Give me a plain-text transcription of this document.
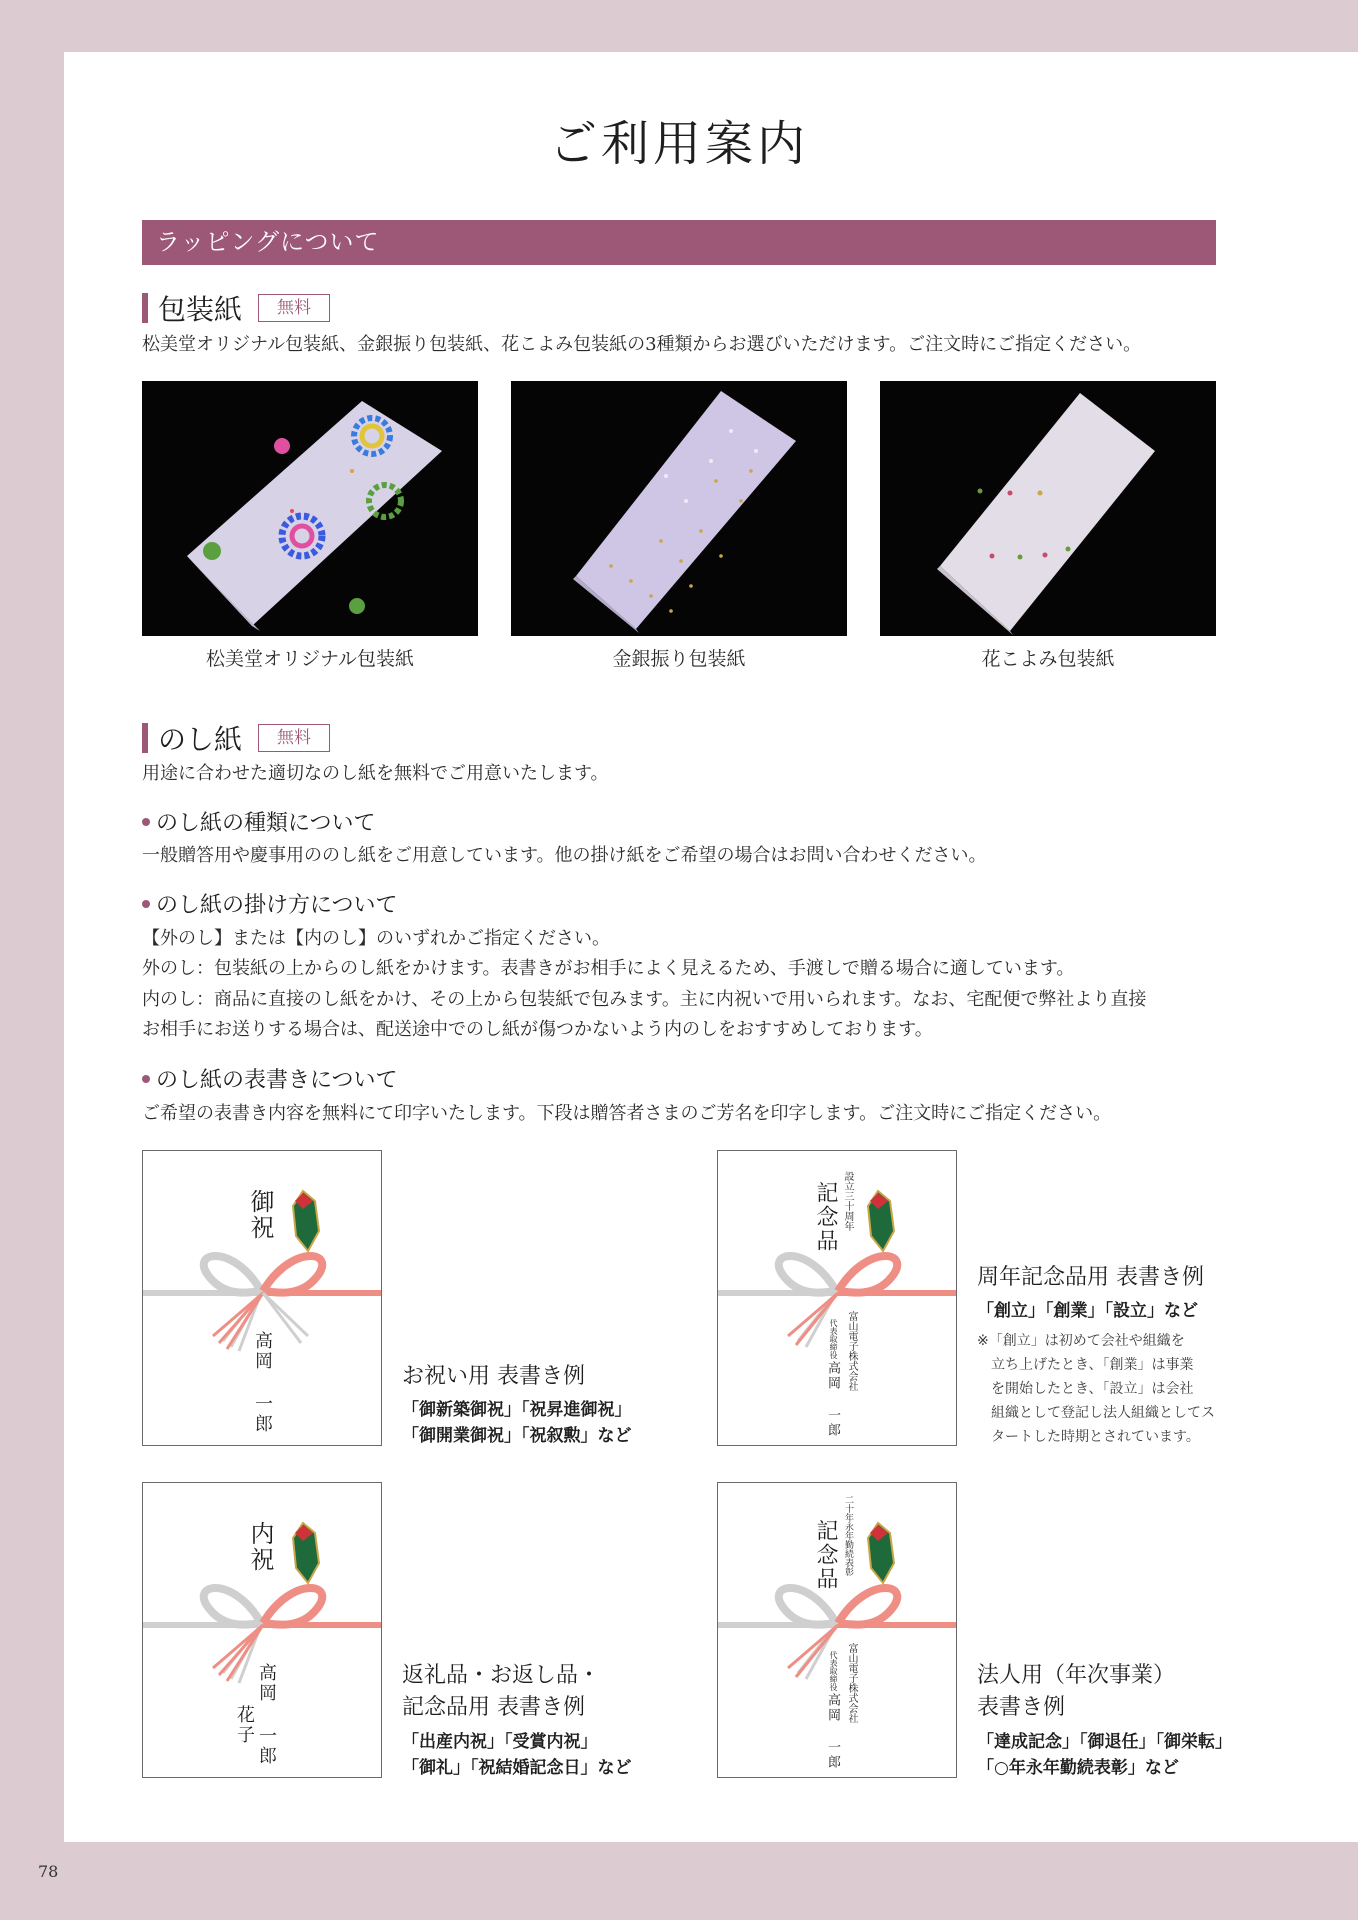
ご利用案内
ラッピングについて
包装紙	無料
松美堂オリジナル包装紙、金銀振り包装紙、花こよみ包装紙の3種類からお選びいただけます。ご注文時にご指定ください。
松美堂オリジナル包装紙	金銀振り包装紙	花こよみ包装紙
のし紙	無料
用途に合わせた適切なのし紙を無料でご用意いたします。
のし紙の種類について
一般贈答用や慶事用ののし紙をご用意しています。他の掛け紙をご希望の場合はお問い合わせください。
のし紙の掛け方について
【外のし】または【内のし】のいずれかご指定ください。
外のし：包装紙の上からのし紙をかけます。表書きがお相手によく見えるため、手渡しで贈る場合に適しています。
内のし：商品に直接のし紙をかけ、その上から包装紙で包みます。主に内祝いで用いられます。なお、宅配便で弊社より直接
お相手にお送りする場合は、配送途中でのし紙が傷つかないよう内のしをおすすめしております。
のし紙の表書きについて
ご希望の表書き内容を無料にて印字いたします。下段は贈答者さまのご芳名を印字します。ご注文時にご指定ください。
御祝
高岡 一郎	お祝い用 表書き例
「御新築御祝」「祝昇進御祝」
「御開業御祝」「祝叙勲」など
設立三十周年
記念品
富山電子株式会社
代表取締役
高岡 一郎
周年記念品用 表書き例
「創立」「創業」「設立」など
※「創立」は初めて会社や組織を
　立ち上げたとき、「創業」は事業
　を開始したとき、「設立」は会社
　組織として登記し法人組織としてス
　タートした時期とされています。
内祝
高岡 一郎
花子
返礼品・お返し品・
記念品用 表書き例
「出産内祝」「受賞内祝」
「御礼」「祝結婚記念日」など
二十年永年勤続表彰
記念品
富山電子株式会社
代表取締役
高岡 一郎
法人用（年次事業）
表書き例
「達成記念」「御退任」「御栄転」
「○年永年勤続表彰」など
78
